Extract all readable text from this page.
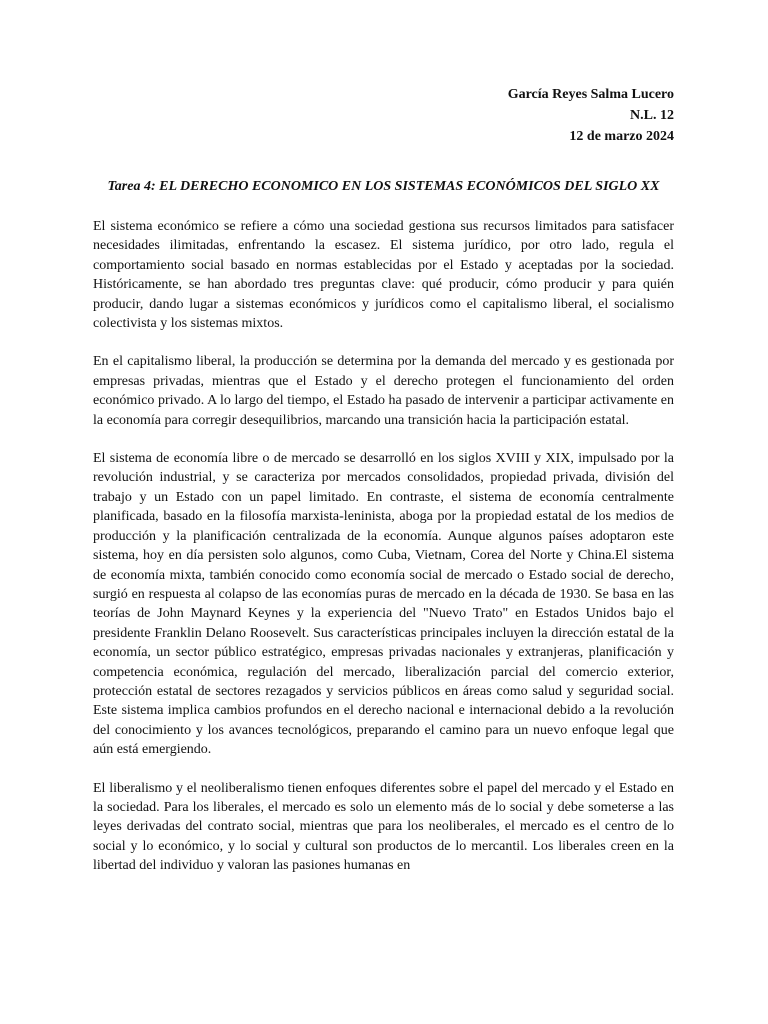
García Reyes Salma Lucero
N.L. 12
12 de marzo 2024
Tarea 4: EL DERECHO ECONOMICO EN LOS SISTEMAS ECONÓMICOS DEL SIGLO XX

El sistema económico se refiere a cómo una sociedad gestiona sus recursos limitados para satisfacer necesidades ilimitadas, enfrentando la escasez. El sistema jurídico, por otro lado, regula el comportamiento social basado en normas establecidas por el Estado y aceptadas por la sociedad. Históricamente, se han abordado tres preguntas clave: qué producir, cómo producir y para quién producir, dando lugar a sistemas económicos y jurídicos como el capitalismo liberal, el socialismo colectivista y los sistemas mixtos.

En el capitalismo liberal, la producción se determina por la demanda del mercado y es gestionada por empresas privadas, mientras que el Estado y el derecho protegen el funcionamiento del orden económico privado. A lo largo del tiempo, el Estado ha pasado de intervenir a participar activamente en la economía para corregir desequilibrios, marcando una transición hacia la participación estatal.

El sistema de economía libre o de mercado se desarrolló en los siglos XVIII y XIX, impulsado por la revolución industrial, y se caracteriza por mercados consolidados, propiedad privada, división del trabajo y un Estado con un papel limitado. En contraste, el sistema de economía centralmente planificada, basado en la filosofía marxista-leninista, aboga por la propiedad estatal de los medios de producción y la planificación centralizada de la economía. Aunque algunos países adoptaron este sistema, hoy en día persisten solo algunos, como Cuba, Vietnam, Corea del Norte y China.El sistema de economía mixta, también conocido como economía social de mercado o Estado social de derecho, surgió en respuesta al colapso de las economías puras de mercado en la década de 1930. Se basa en las teorías de John Maynard Keynes y la experiencia del "Nuevo Trato" en Estados Unidos bajo el presidente Franklin Delano Roosevelt. Sus características principales incluyen la dirección estatal de la economía, un sector público estratégico, empresas privadas nacionales y extranjeras, planificación y competencia económica, regulación del mercado, liberalización parcial del comercio exterior, protección estatal de sectores rezagados y servicios públicos en áreas como salud y seguridad social. Este sistema implica cambios profundos en el derecho nacional e internacional debido a la revolución del conocimiento y los avances tecnológicos, preparando el camino para un nuevo enfoque legal que aún está emergiendo.

El liberalismo y el neoliberalismo tienen enfoques diferentes sobre el papel del mercado y el Estado en la sociedad. Para los liberales, el mercado es solo un elemento más de lo social y debe someterse a las leyes derivadas del contrato social, mientras que para los neoliberales, el mercado es el centro de lo social y lo económico, y lo social y cultural son productos de lo mercantil. Los liberales creen en la libertad del individuo y valoran las pasiones humanas en
